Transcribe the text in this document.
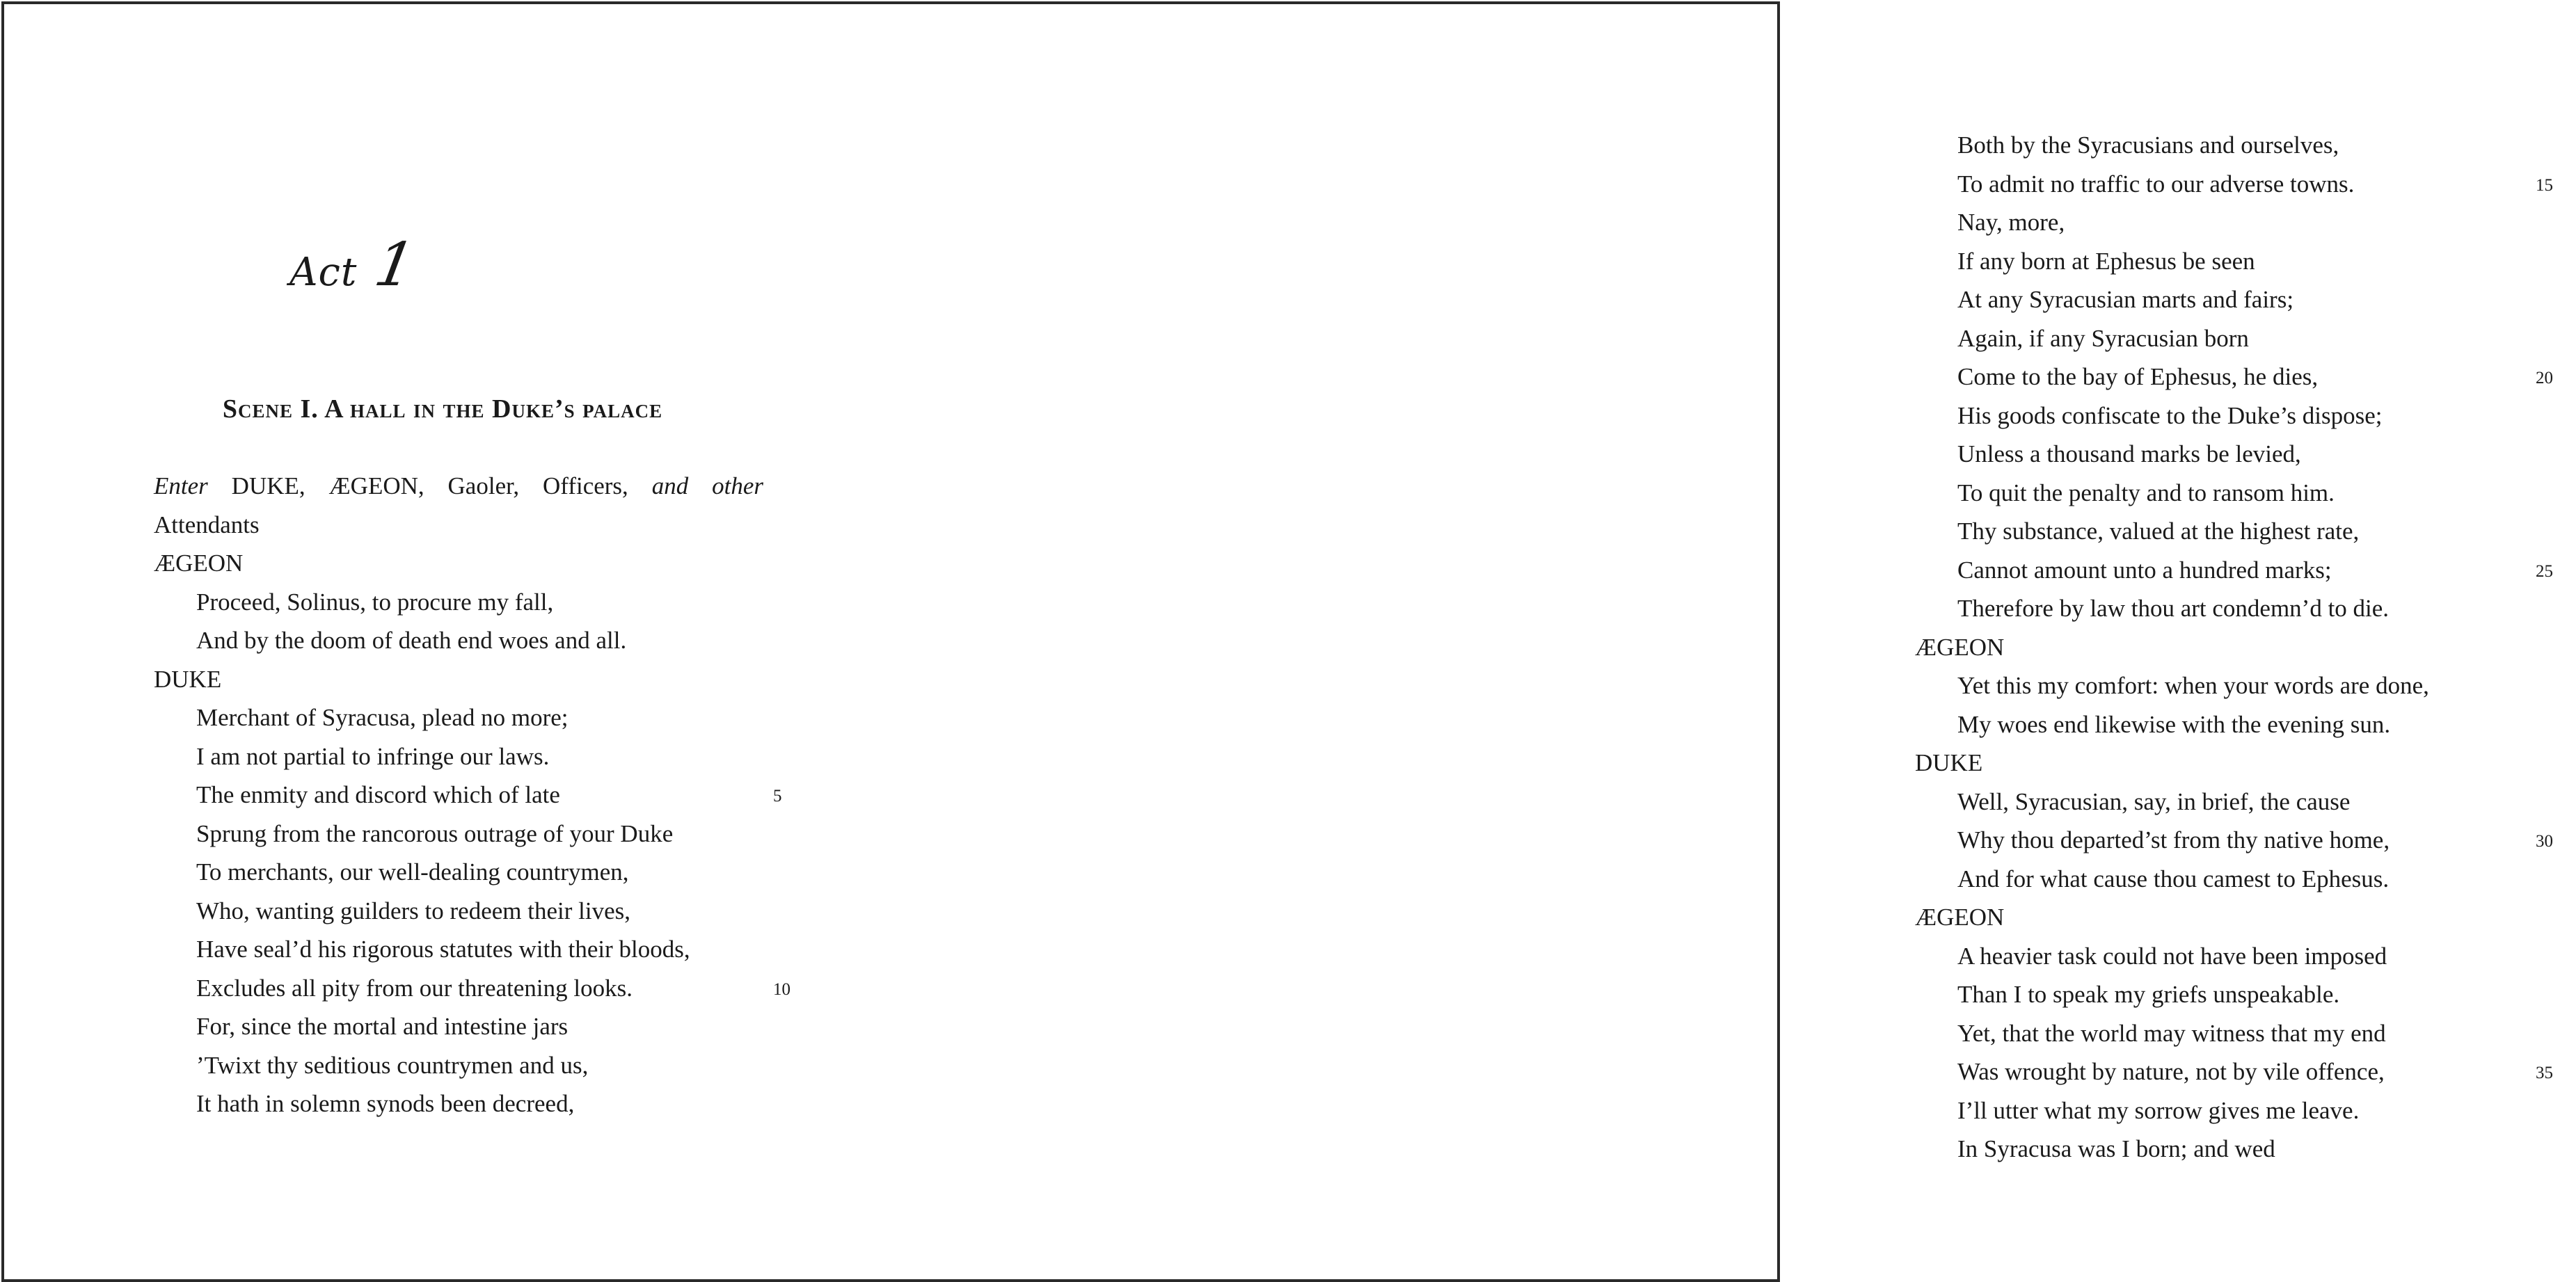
Act 1
Scene I. A hall in the Duke’s palace
Enter DUKE, ÆGEON, Gaoler, Officers, and other
Attendants
ÆGEON
Proceed, Solinus, to procure my fall,
And by the doom of death end woes and all.
DUKE
Merchant of Syracusa, plead no more;
I am not partial to infringe our laws.
The enmity and discord which of late	5
Sprung from the rancorous outrage of your Duke
To merchants, our well-dealing countrymen,
Who, wanting guilders to redeem their lives,
Have seal’d his rigorous statutes with their bloods,
Excludes all pity from our threatening looks.	10
For, since the mortal and intestine jars
’Twixt thy seditious countrymen and us,
It hath in solemn synods been decreed,
Both by the Syracusians and ourselves,
To admit no traffic to our adverse towns.	15
Nay, more,
If any born at Ephesus be seen
At any Syracusian marts and fairs;
Again, if any Syracusian born
Come to the bay of Ephesus, he dies,	20
His goods confiscate to the Duke’s dispose;
Unless a thousand marks be levied,
To quit the penalty and to ransom him.
Thy substance, valued at the highest rate,
Cannot amount unto a hundred marks;	25
Therefore by law thou art condemn’d to die.
ÆGEON
Yet this my comfort: when your words are done,
My woes end likewise with the evening sun.
DUKE
Well, Syracusian, say, in brief, the cause
Why thou departed’st from thy native home,	30
And for what cause thou camest to Ephesus.
ÆGEON
A heavier task could not have been imposed
Than I to speak my griefs unspeakable.
Yet, that the world may witness that my end
Was wrought by nature, not by vile offence,	35
I’ll utter what my sorrow gives me leave.
In Syracusa was I born; and wed
